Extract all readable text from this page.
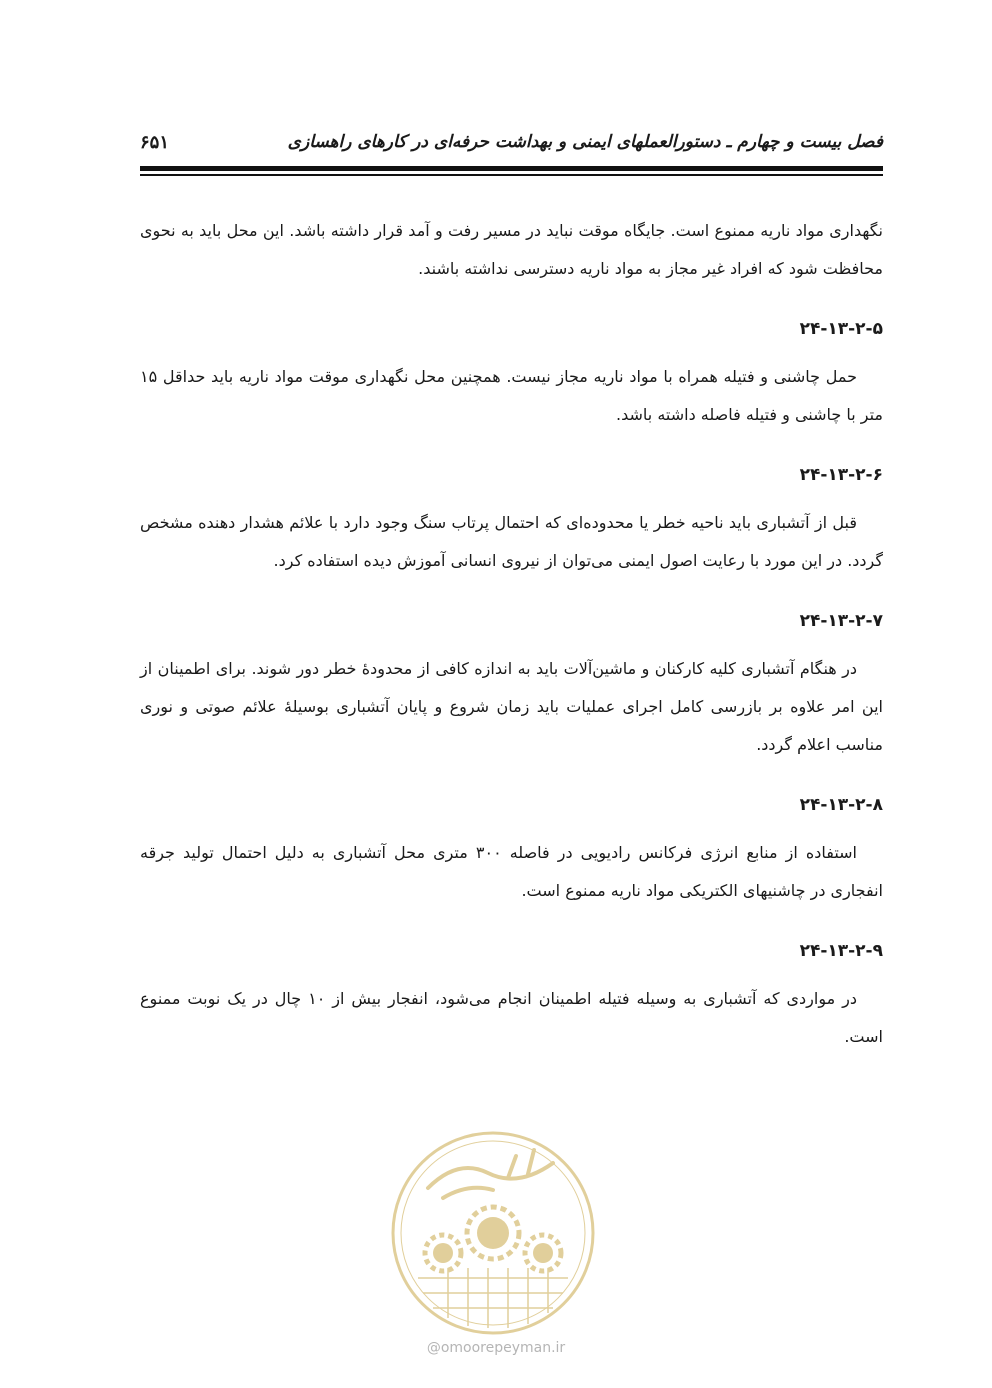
فصل بیست و چهارم ـ دستورالعملهای ایمنی و بهداشت حرفه‌ای در کارهای راهسازی
۶۵۱

نگهداری مواد ناریه ممنوع است. جایگاه موقت نباید در مسیر رفت و آمد قرار داشته باشد. این محل باید به نحوی محافظت شود که افراد غیر مجاز به مواد ناریه دسترسی نداشته باشند.

۲۴-۱۳-۲-۵

حمل چاشنی و فتیله همراه با مواد ناریه مجاز نیست. همچنین محل نگهداری موقت مواد ناریه باید حداقل ۱۵ متر با چاشنی و فتیله فاصله داشته باشد.

۲۴-۱۳-۲-۶

قبل از آتشباری باید ناحیه خطر یا محدوده‌ای که احتمال پرتاب سنگ وجود دارد با علائم هشدار دهنده مشخص گردد. در این مورد با رعایت اصول ایمنی می‌توان از نیروی انسانی آموزش دیده استفاده کرد.

۲۴-۱۳-۲-۷

در هنگام آتشباری کلیه کارکنان و ماشین‌آلات باید به اندازه کافی از محدودهٔ خطر دور شوند. برای اطمینان از این امر علاوه بر بازرسی کامل اجرای عملیات باید زمان شروع و پایان آتشباری بوسیلهٔ علائم صوتی و نوری مناسب اعلام گردد.

۲۴-۱۳-۲-۸

استفاده از منابع انرژی فرکانس رادیویی در فاصله ۳۰۰ متری محل آتشباری به دلیل احتمال تولید جرقه انفجاری در چاشنیهای الکتریکی مواد ناریه ممنوع است.

۲۴-۱۳-۲-۹

در مواردی که آتشباری به وسیله فتیله اطمینان انجام می‌شود، انفجار بیش از ۱۰ چال در یک نوبت ممنوع است.

@omoorepeyman.ir
